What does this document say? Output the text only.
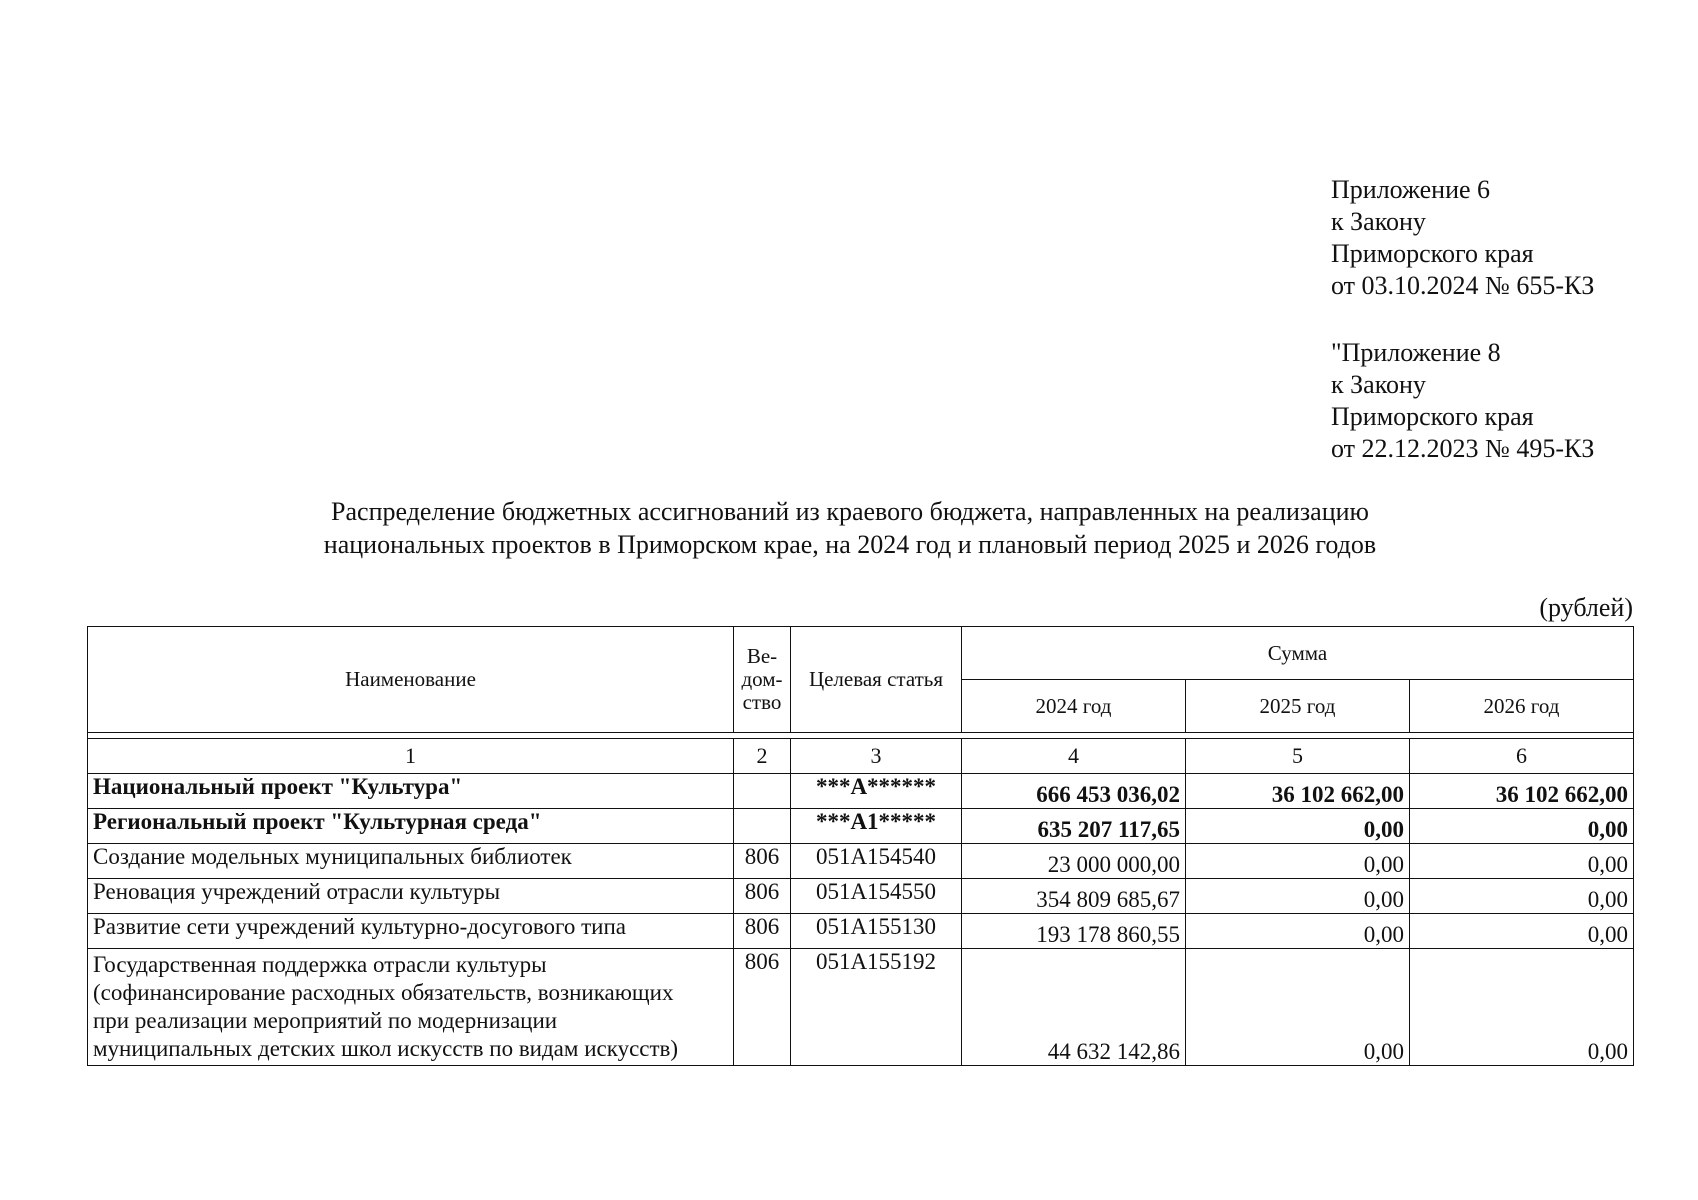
Приложение 6
к Закону
Приморского края
от 03.10.2024 № 655-КЗ
"Приложение 8
к Закону
Приморского края
от 22.12.2023 № 495-КЗ
Распределение бюджетных ассигнований из краевого бюджета, направленных на реализацию
национальных проектов в Приморском крае, на 2024 год и плановый период 2025 и 2026 годов
(рублей)
Наименование	Ве-
дом-
ство	Целевая статья	Сумма		
			2024 год	2025 год	2026 год

1	2	3	4	5	6
Национальный проект "Культура"		***А******	666 453 036,02	36 102 662,00	36 102 662,00
Региональный проект "Культурная среда"		***А1*****	635 207 117,65	0,00	0,00
Создание модельных муниципальных библиотек	806	051А154540	23 000 000,00	0,00	0,00
Реновация учреждений отрасли культуры	806	051А154550	354 809 685,67	0,00	0,00
Развитие сети учреждений культурно-досугового типа	806	051А155130	193 178 860,55	0,00	0,00

Государственная поддержка отрасли культуры
(софинансирование расходных обязательств, возникающих
при реализации мероприятий по модернизации
муниципальных детских школ искусств по видам искусств)	806	051А155192	44 632 142,86	0,00	0,00
